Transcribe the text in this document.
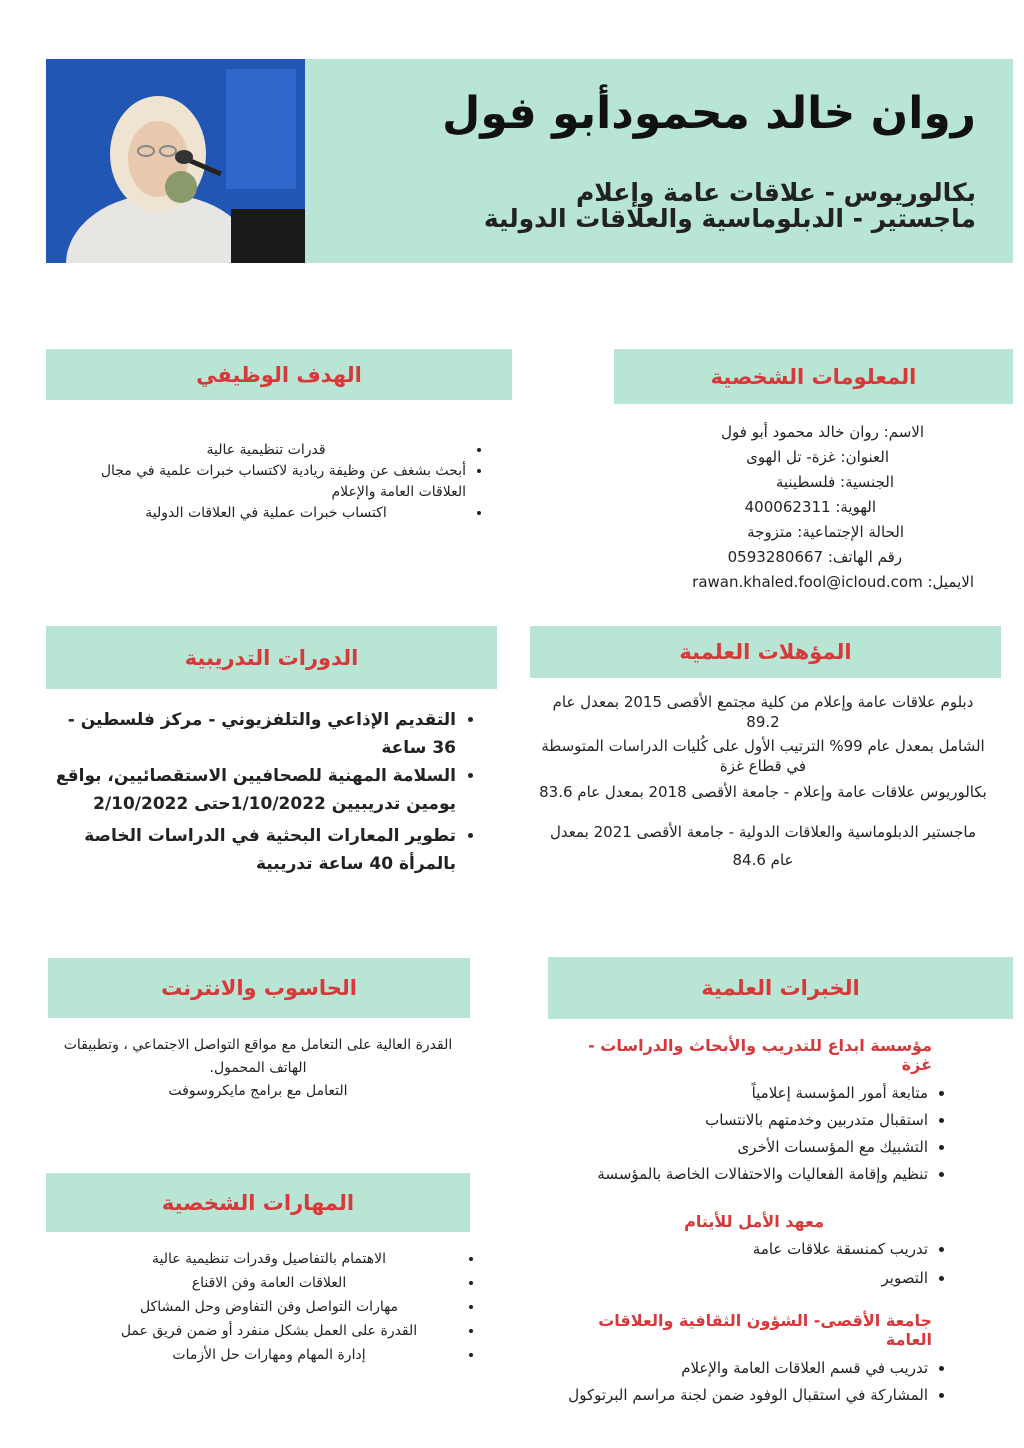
روان خالد محمودأبو فول
بكالوريوس - علاقات عامة وإعلام
ماجستير - الدبلوماسية والعلاقات الدولية
المعلومات الشخصية
الاسم: روان خالد محمود أبو فول
العنوان: غزة- تل الهوى
الجنسية: فلسطينية
الهوية: 400062311
الحالة الإجتماعية: متزوجة
رقم الهاتف: 0593280667
الايميل: rawan.khaled.fool@icloud.com
الهدف الوظيفي
• قدرات تنظيمية عالية
• أبحث بشغف عن وظيفة ريادية لاكتساب خبرات علمية في مجال العلاقات العامة والإعلام
• اكتساب خبرات عملية في العلاقات الدولية
المؤهلات العلمية
دبلوم علاقات عامة وإعلام من كلية مجتمع الأقصى 2015 بمعدل عام 89.2
الشامل بمعدل عام 99% الترتيب الأول على كُليات الدراسات المتوسطة في قطاع غزة
بكالوريوس علاقات عامة وإعلام - جامعة الأقصى 2018 بمعدل عام 83.6
ماجستير الدبلوماسية والعلاقات الدولية - جامعة الأقصى 2021 بمعدل عام 84.6
الدورات التدريبية
• التقديم الإذاعي والتلفزيوني - مركز فلسطين - 36 ساعة
• السلامة المهنية للصحافيين الاستقصائيين، بواقع يومين تدريبيين 1/10/2022حتى 2/10/2022
• تطوير المعارات البحثية في الدراسات الخاصة بالمرأة 40 ساعة تدريبية
الخبرات العلمية
مؤسسة ابداع للتدريب والأبحاث والدراسات - غزة
• متابعة أمور المؤسسة إعلامياً
• استقبال متدربين وخدمتهم بالانتساب
• التشبيك مع المؤسسات الأخرى
• تنظيم وإقامة الفعاليات والاحتفالات الخاصة بالمؤسسة
معهد الأمل للأيتام
• تدريب كمنسقة علاقات عامة
• التصوير
جامعة الأقصى- الشؤون الثقافية والعلاقات العامة
• تدريب في قسم العلاقات العامة والإعلام
• المشاركة في استقبال الوفود ضمن لجنة مراسم البرتوكول
الحاسوب والانترنت
القدرة العالية على التعامل مع مواقع التواصل الاجتماعي ، وتطبيقات الهاتف المحمول.
التعامل مع برامج مايكروسوفت
المهارات الشخصية
• الاهتمام بالتفاصيل وقدرات تنظيمية عالية
• العلاقات العامة وفن الاقناع
• مهارات التواصل وفن التفاوض وحل المشاكل
• القدرة على العمل بشكل منفرد أو ضمن فريق عمل
• إدارة المهام ومهارات حل الأزمات
